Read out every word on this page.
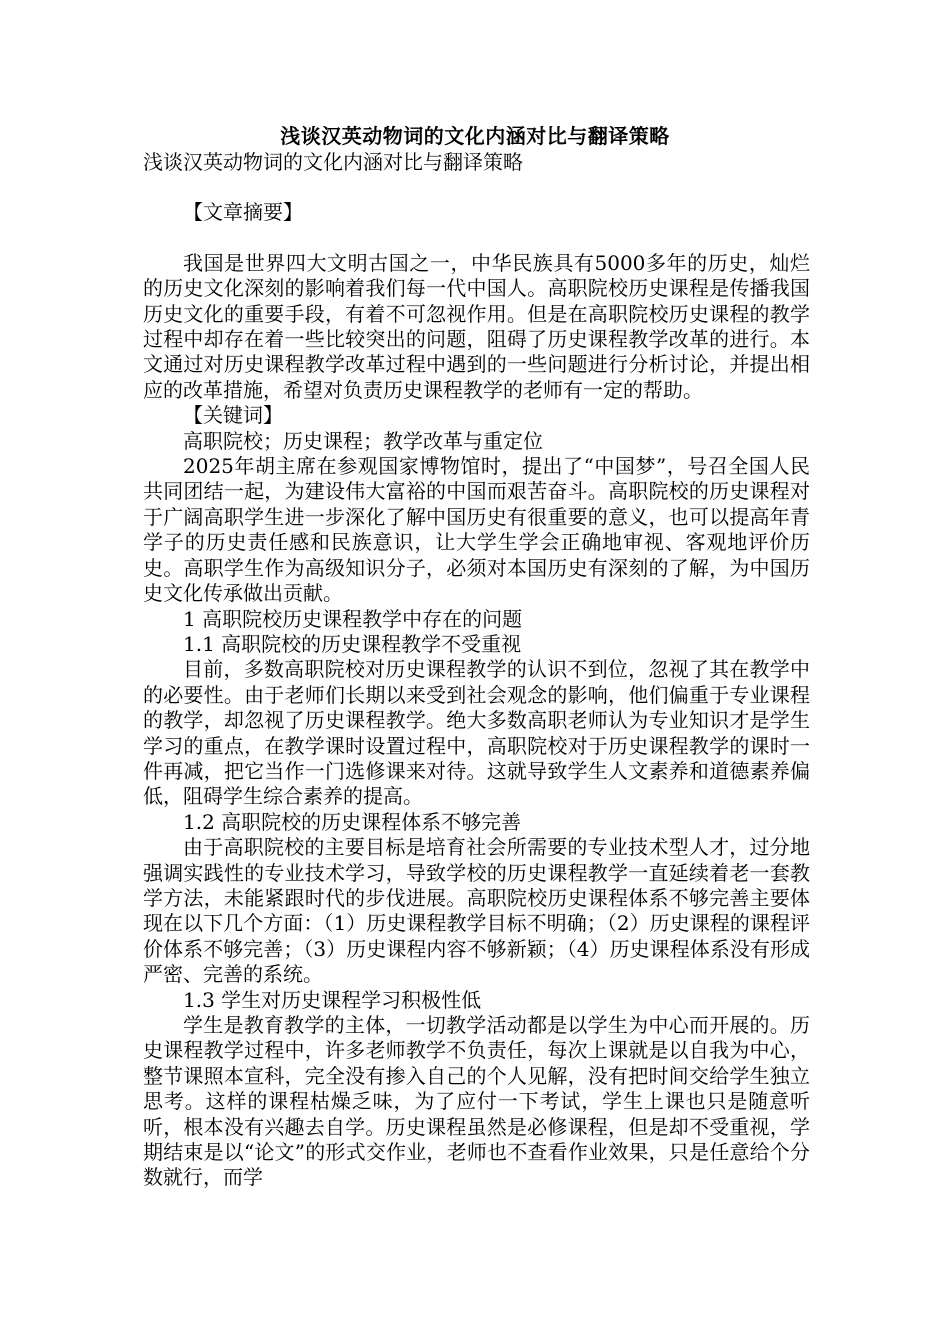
浅谈汉英动物词的文化内涵对比与翻译策略

浅谈汉英动物词的文化内涵对比与翻译策略

【文章摘要】

我国是世界四大文明古国之一，中华民族具有5000多年的历史，灿烂的历史文化深刻的影响着我们每一代中国人。高职院校历史课程是传播我国历史文化的重要手段，有着不可忽视作用。但是在高职院校历史课程的教学过程中却存在着一些比较突出的问题，阻碍了历史课程教学改革的进行。本文通过对历史课程教学改革过程中遇到的一些问题进行分析讨论，并提出相应的改革措施，希望对负责历史课程教学的老师有一定的帮助。

【关键词】

高职院校；历史课程；教学改革与重定位

2025年胡主席在参观国家博物馆时，提出了“中国梦”，号召全国人民共同团结一起，为建设伟大富裕的中国而艰苦奋斗。高职院校的历史课程对于广阔高职学生进一步深化了解中国历史有很重要的意义，也可以提高年青学子的历史责任感和民族意识，让大学生学会正确地审视、客观地评价历史。高职学生作为高级知识分子，必须对本国历史有深刻的了解，为中国历史文化传承做出贡献。

1 高职院校历史课程教学中存在的问题

1.1 高职院校的历史课程教学不受重视

目前，多数高职院校对历史课程教学的认识不到位，忽视了其在教学中的必要性。由于老师们长期以来受到社会观念的影响，他们偏重于专业课程的教学，却忽视了历史课程教学。绝大多数高职老师认为专业知识才是学生学习的重点，在教学课时设置过程中，高职院校对于历史课程教学的课时一件再减，把它当作一门选修课来对待。这就导致学生人文素养和道德素养偏低，阻碍学生综合素养的提高。

1.2 高职院校的历史课程体系不够完善

由于高职院校的主要目标是培育社会所需要的专业技术型人才，过分地强调实践性的专业技术学习，导致学校的历史课程教学一直延续着老一套教学方法，未能紧跟时代的步伐进展。高职院校历史课程体系不够完善主要体现在以下几个方面：（1）历史课程教学目标不明确；（2）历史课程的课程评价体系不够完善；（3）历史课程内容不够新颖；（4）历史课程体系没有形成严密、完善的系统。

1.3 学生对历史课程学习积极性低

学生是教育教学的主体，一切教学活动都是以学生为中心而开展的。历史课程教学过程中，许多老师教学不负责任，每次上课就是以自我为中心，整节课照本宣科，完全没有掺入自己的个人见解，没有把时间交给学生独立思考。这样的课程枯燥乏味，为了应付一下考试，学生上课也只是随意听听，根本没有兴趣去自学。历史课程虽然是必修课程，但是却不受重视，学期结束是以“论文”的形式交作业，老师也不查看作业效果，只是任意给个分数就行，而学
